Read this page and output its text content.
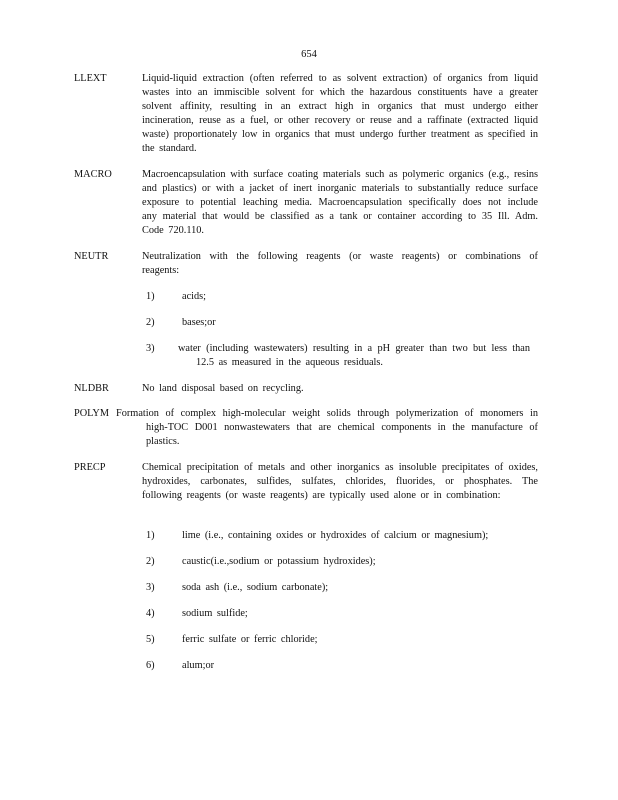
654
LLEXT	Liquid-liquid extraction (often referred to as solvent extraction) of organics from liquid wastes into an immiscible solvent for which the hazardous constituents have a greater solvent affinity, resulting in an extract high in organics that must undergo either incineration, reuse as a fuel, or other recovery or reuse and a raffinate (extracted liquid waste) proportionately low in organics that must undergo further treatment as specified in the standard.
MACRO	Macroencapsulation with surface coating materials such as polymeric organics (e.g., resins and plastics) or with a jacket of inert inorganic materials to substantially reduce surface exposure to potential leaching media. Macroencapsulation specifically does not include any material that would be classified as a tank or container according to 35 Ill. Adm. Code 720.110.
NEUTR	Neutralization with the following reagents (or waste reagents) or combinations of reagents:
1)	acids;
2)	bases;or
3)	water (including wastewaters) resulting in a pH greater than two but less than 12.5 as measured in the aqueous residuals.
NLDBR	No land disposal based on recycling.
POLYM Formation of complex high-molecular weight solids through polymerization of monomers in high-TOC D001 nonwastewaters that are chemical components in the manufacture of plastics.
PRECP	Chemical precipitation of metals and other inorganics as insoluble precipitates of oxides, hydroxides, carbonates, sulfides, sulfates, chlorides, fluorides, or phosphates. The following reagents (or waste reagents) are typically used alone or in combination:
1)	lime (i.e., containing oxides or hydroxides of calcium or magnesium);
2)	caustic(i.e.,sodium or potassium hydroxides);
3)	soda ash (i.e., sodium carbonate);
4)	sodium sulfide;
5)	ferric sulfate or ferric chloride;
6)	alum;or
